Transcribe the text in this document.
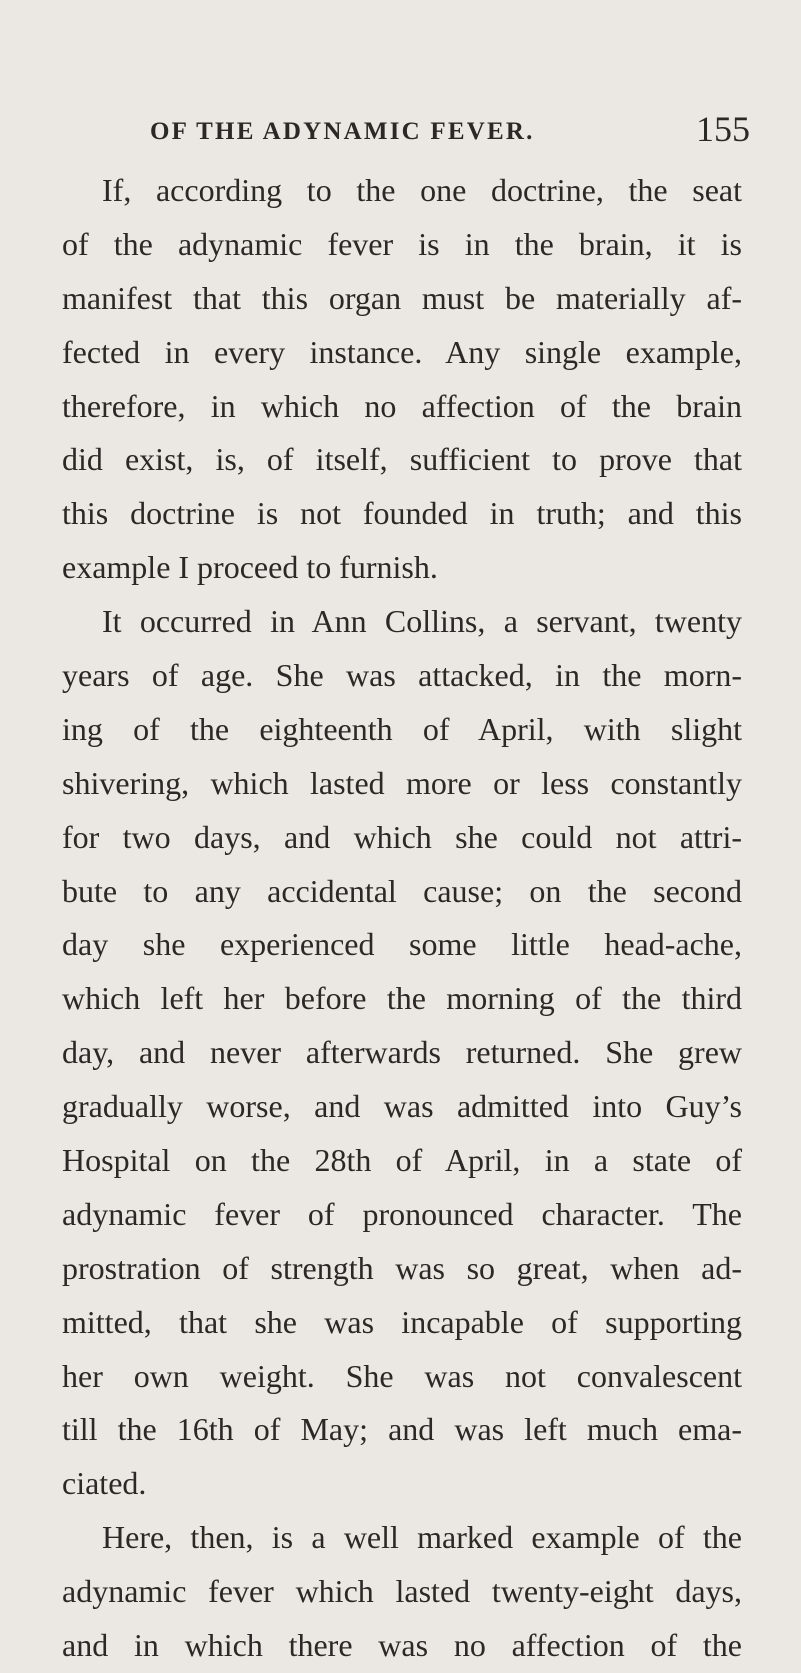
OF THE ADYNAMIC FEVER.	155
If, according to the one doctrine, the seat
of the adynamic fever is in the brain, it is
manifest that this organ must be materially af-
fected in every instance. Any single example,
therefore, in which no affection of the brain
did exist, is, of itself, sufficient to prove that
this doctrine is not founded in truth; and this
example I proceed to furnish.
It occurred in Ann Collins, a servant, twenty
years of age. She was attacked, in the morn-
ing of the eighteenth of April, with slight
shivering, which lasted more or less constantly
for two days, and which she could not attri-
bute to any accidental cause; on the second
day she experienced some little head-ache,
which left her before the morning of the third
day, and never afterwards returned. She grew
gradually worse, and was admitted into Guy’s
Hospital on the 28th of April, in a state of
adynamic fever of pronounced character. The
prostration of strength was so great, when ad-
mitted, that she was incapable of supporting
her own weight. She was not convalescent
till the 16th of May; and was left much ema-
ciated.
Here, then, is a well marked example of the
adynamic fever which lasted twenty-eight days,
and in which there was no affection of the
